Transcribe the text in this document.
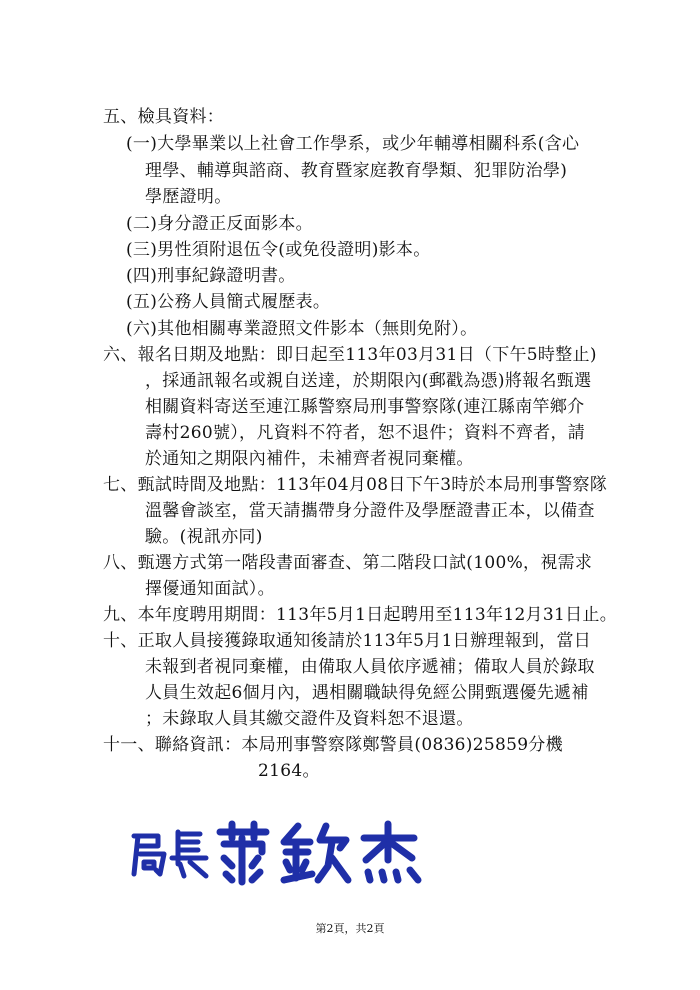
五、檢具資料：
(一)大學畢業以上社會工作學系，或少年輔導相關科系(含心
理學、輔導與諮商、教育暨家庭教育學類、犯罪防治學)
學歷證明。
(二)身分證正反面影本。
(三)男性須附退伍令(或免役證明)影本。
(四)刑事紀錄證明書。
(五)公務人員簡式履歷表。
(六)其他相關專業證照文件影本（無則免附）。
六、報名日期及地點：即日起至113年03月31日（下午5時整止)
，採通訊報名或親自送達，於期限內(郵戳為憑)將報名甄選
相關資料寄送至連江縣警察局刑事警察隊(連江縣南竿鄉介
壽村260號），凡資料不符者，恕不退件；資料不齊者，請
於通知之期限內補件，未補齊者視同棄權。
七、甄試時間及地點：113年04月08日下午3時於本局刑事警察隊
溫馨會談室，當天請攜帶身分證件及學歷證書正本，以備查
驗。(視訊亦同)
八、甄選方式第一階段書面審查、第二階段口試(100%，視需求
擇優通知面試）。
九、本年度聘用期間：113年5月1日起聘用至113年12月31日止。
十、正取人員接獲錄取通知後請於113年5月1日辦理報到，當日
未報到者視同棄權，由備取人員依序遞補；備取人員於錄取
人員生效起6個月內，遇相關職缺得免經公開甄選優先遞補
；未錄取人員其繳交證件及資料恕不退還。
十一、聯絡資訊：本局刑事警察隊鄭警員(0836)25859分機
2164。
第2頁，共2頁
